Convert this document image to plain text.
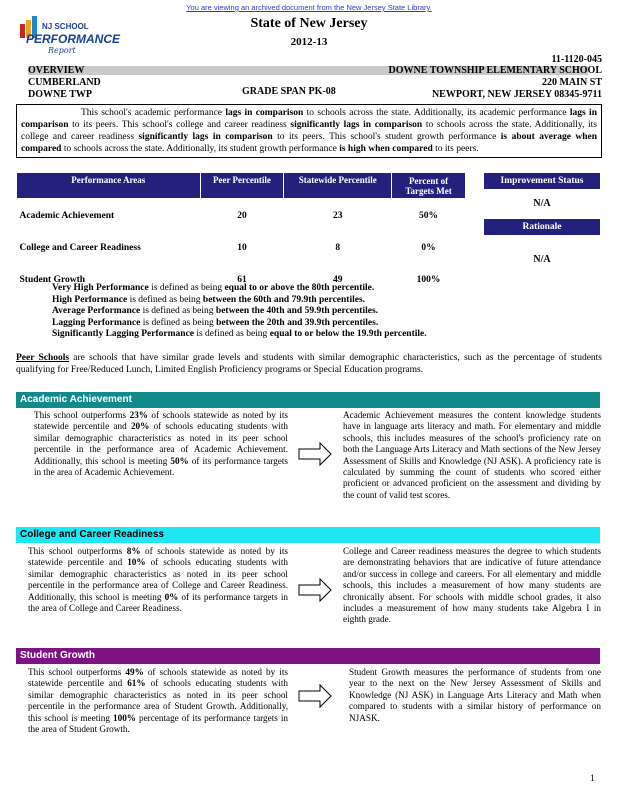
You are viewing an archived document from the New Jersey State Library.
NJ SCHOOL
PERFORMANCE
Report
State of New Jersey
2012-13
11-1120-045
OVERVIEW
CUMBERLAND
DOWNE TWP	GRADE SPAN PK-08
DOWNE TOWNSHIP ELEMENTARY SCHOOL
220 MAIN ST
NEWPORT, NEW JERSEY 08345-9711
This school's academic performance lags in comparison to schools across the state. Additionally, its academic performance lags in comparison to its peers. This school's college and career readiness significantly lags in comparison to schools across the state. Additionally, its college and career readiness significantly lags in comparison to its peers. This school's student growth performance is about average when compared to schools across the state. Additionally, its student growth performance is high when compared to its peers.
Performance Areas	Peer Percentile	Statewide Percentile	Percent of Targets Met
Academic Achievement	20	23	50%
College and Career Readiness	10	8	0%
Student Growth	61	49	100%
Improvement Status
N/A
Rationale
N/A
Very High Performance is defined as being equal to or above the 80th percentile.
High Performance is defined as being between the 60th and 79.9th percentiles.
Average Performance is defined as being between the 40th and 59.9th percentiles.
Lagging Performance is defined as being between the 20th and 39.9th percentiles.
Significantly Lagging Performance is defined as being equal to or below the 19.9th percentile.
Peer Schools are schools that have similar grade levels and students with similar demographic characteristics, such as the percentage of students qualifying for Free/Reduced Lunch, Limited English Proficiency programs or Special Education programs.
Academic Achievement
This school outperforms 23% of schools statewide as noted by its statewide percentile and 20% of schools educating students with similar demographic characteristics as noted in its peer school percentile in the performance area of Academic Achievement. Additionally, this school is meeting 50% of its performance targets in the area of Academic Achievement.
Academic Achievement measures the content knowledge students have in language arts literacy and math. For elementary and middle schools, this includes measures of the school's proficiency rate on both the Language Arts Literacy and Math sections of the New Jersey Assessment of Skills and Knowledge (NJ ASK). A proficiency rate is calculated by summing the count of students who scored either proficient or advanced proficient on the assessment and dividing by the count of valid test scores.
College and Career Readiness
This school outperforms 8% of schools statewide as noted by its statewide percentile and 10% of schools educating students with similar demographic characteristics as noted in its peer school percentile in the performance area of College and Career Readiness. Additionally, this school is meeting 0% of its performance targets in the area of College and Career Readiness.
College and Career readiness measures the degree to which students are demonstrating behaviors that are indicative of future attendance and/or success in college and careers. For all elementary and middle schools, this includes a measurement of how many students are chronically absent. For schools with middle school grades, it also includes a measurement of how many students take Algebra I in eighth grade.
Student Growth
This school outperforms 49% of schools statewide as noted by its statewide percentile and 61% of schools educating students with similar demographic characteristics as noted in its peer school percentile in the performance area of Student Growth. Additionally, this school is meeting 100% percentage of its performance targets in the area of Student Growth.
Student Growth measures the performance of students from one year to the next on the New Jersey Assessment of Skills and Knowledge (NJ ASK) in Language Arts Literacy and Math when compared to students with a similar history of performance on NJASK.
1
